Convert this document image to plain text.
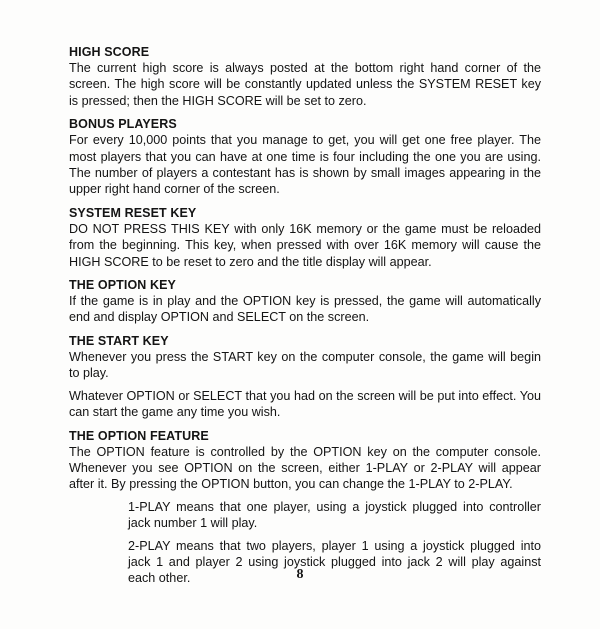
HIGH SCORE

The current high score is always posted at the bottom right hand corner of the screen. The high score will be constantly updated unless the SYSTEM RESET key is pressed; then the HIGH SCORE will be set to zero.

BONUS PLAYERS

For every 10,000 points that you manage to get, you will get one free player. The most players that you can have at one time is four including the one you are using. The number of players a contestant has is shown by small images appearing in the upper right hand corner of the screen.

SYSTEM RESET KEY

DO NOT PRESS THIS KEY with only 16K memory or the game must be reloaded from the beginning. This key, when pressed with over 16K memory will cause the HIGH SCORE to be reset to zero and the title display will appear.

THE OPTION KEY

If the game is in play and the OPTION key is pressed, the game will automatically end and display OPTION and SELECT on the screen.

THE START KEY

Whenever you press the START key on the computer console, the game will begin to play.

Whatever OPTION or SELECT that you had on the screen will be put into effect. You can start the game any time you wish.

THE OPTION FEATURE

The OPTION feature is controlled by the OPTION key on the computer console. Whenever you see OPTION on the screen, either 1-PLAY or 2-PLAY will appear after it. By pressing the OPTION button, you can change the 1-PLAY to 2-PLAY.

1-PLAY means that one player, using a joystick plugged into controller jack number 1 will play.

2-PLAY means that two players, player 1 using a joystick plugged into jack 1 and player 2 using joystick plugged into jack 2 will play against each other.	8
